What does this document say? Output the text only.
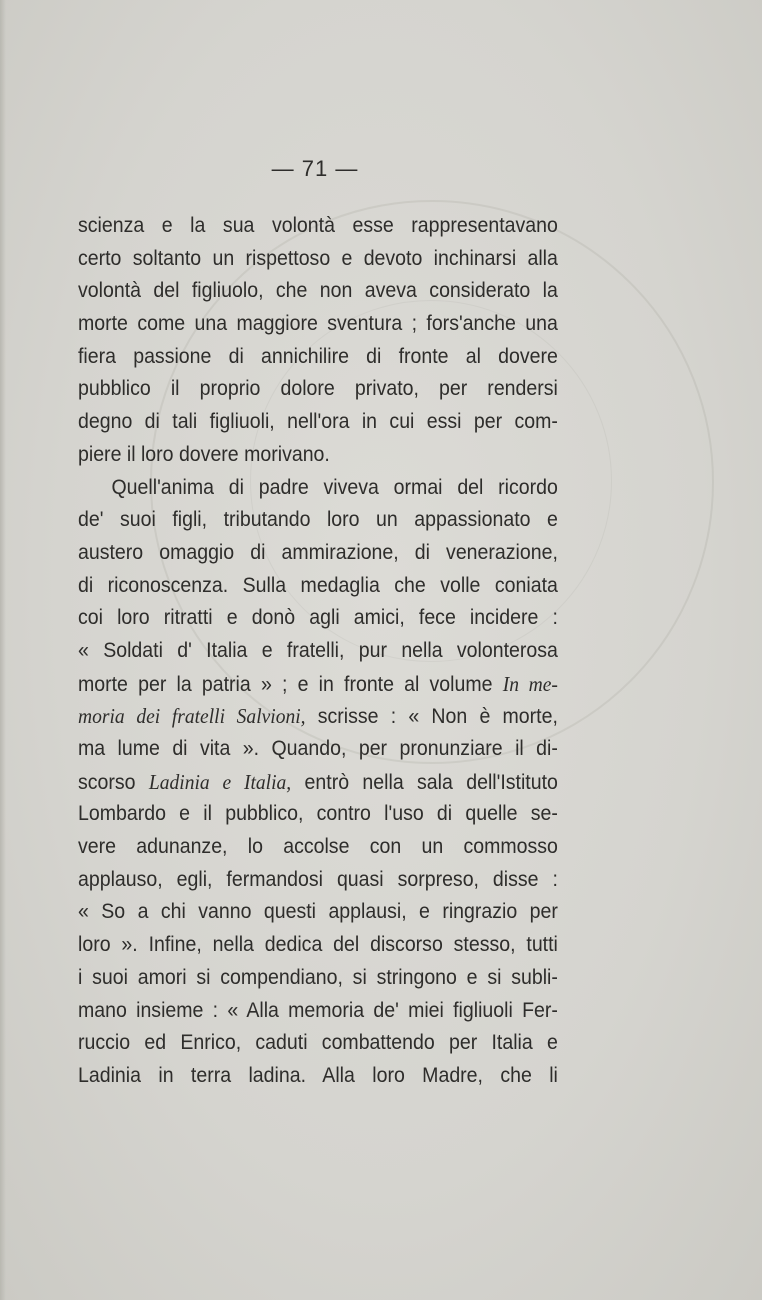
— 71 —
scienza e la sua volontà esse rappresentavano
certo soltanto un rispettoso e devoto inchinarsi alla
volontà del figliuolo, che non aveva considerato la
morte come una maggiore sventura ; fors'anche una
fiera passione di annichilire di fronte al dovere
pubblico il proprio dolore privato, per rendersi
degno di tali figliuoli, nell'ora in cui essi per com-
piere il loro dovere morivano.
Quell'anima di padre viveva ormai del ricordo
de' suoi figli, tributando loro un appassionato e
austero omaggio di ammirazione, di venerazione,
di riconoscenza. Sulla medaglia che volle coniata
coi loro ritratti e donò agli amici, fece incidere :
« Soldati d' Italia e fratelli, pur nella volonterosa
morte per la patria » ; e in fronte al volume In me-
moria dei fratelli Salvioni, scrisse : « Non è morte,
ma lume di vita ». Quando, per pronunziare il di-
scorso Ladinia e Italia, entrò nella sala dell'Istituto
Lombardo e il pubblico, contro l'uso di quelle se-
vere adunanze, lo accolse con un commosso
applauso, egli, fermandosi quasi sorpreso, disse :
« So a chi vanno questi applausi, e ringrazio per
loro ». Infine, nella dedica del discorso stesso, tutti
i suoi amori si compendiano, si stringono e si subli-
mano insieme : « Alla memoria de' miei figliuoli Fer-
ruccio ed Enrico, caduti combattendo per Italia e
Ladinia in terra ladina. Alla loro Madre, che li
